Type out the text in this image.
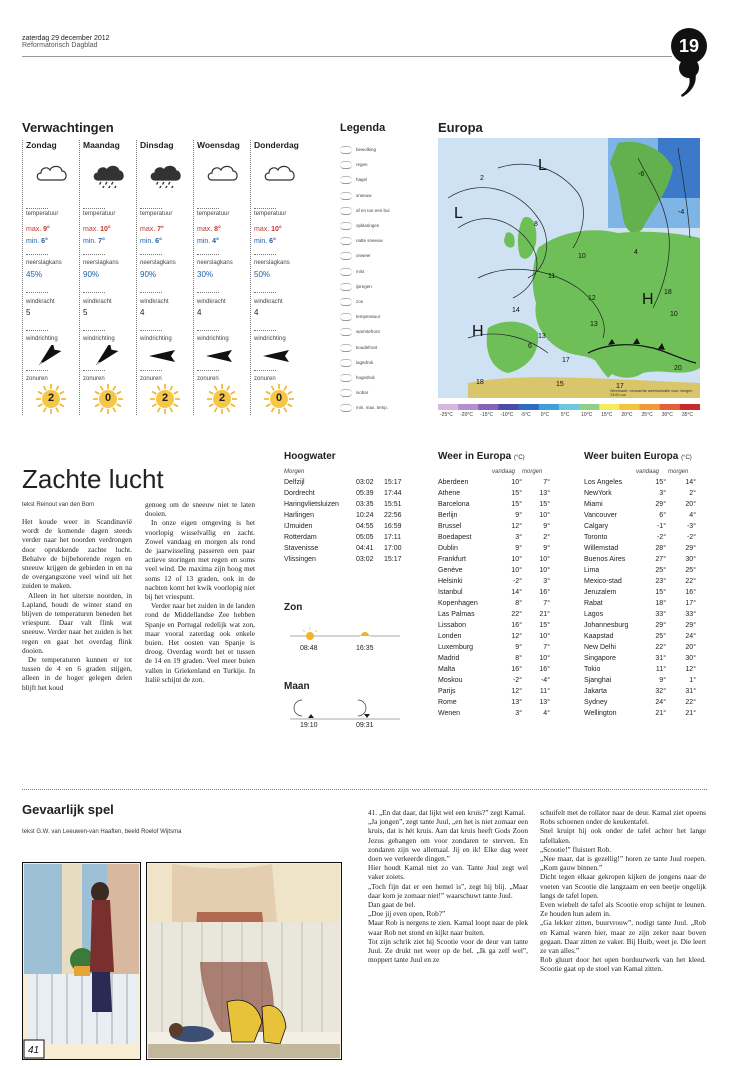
zaterdag 29 december 2012
Reformatorisch Dagblad	19
Verwachtingen
Zondag
temperatuur
max. 9°
min. 6°
neerslagkans
45%
windkracht
5
windrichting
zw
zonuren
2
Maandag
temperatuur
max. 10°
min. 7°
neerslagkans
90%
windkracht
5
windrichting
zw
zonuren
0
Dinsdag
temperatuur
max. 7°
min. 6°
neerslagkans
90%
windkracht
4
windrichting
w
zonuren
2
Woensdag
temperatuur
max. 8°
min. 4°
neerslagkans
30%
windkracht
4
windrichting
w
zonuren
2
Donderdag
temperatuur
max. 10°
min. 6°
neerslagkans
50%
windkracht
4
windrichting
w
zonuren
0
Legenda
bewolking
regen
hagel
sneeuw
af en toe een bui
opklaringen
natte sneeuw
onweer
mist
ijsregen
zon
temperatuur
warmtefront
koudefront
lagedruk
hogedruk
isobar
min. max. temp.
Europa
L
L
H
H
2
-6
-4
4
8
10
11
14
6
13
12
13
17
15	17
20
18
18
10
-25°C -20°C -15°C -10°C -5°C 0°C 5°C 10°C 15°C 20°C 25°C 30°C 35°C
Weerkaart: verwachte weerssituatie voor morgen 13:00 uur
Zachte lucht
tekst Reinout van den Born

Het koude weer in Scandinavië wordt de komende dagen steeds verder naar het noorden verdrongen door oprukkende zachte lucht. Behalve de bijbehorende regen en sneeuw krijgen de gebieden in en na de overgangszone veel wind uit het zuiden te maken.

Alleen in het uiterste noorden, in Lapland, houdt de winter stand en blijven de temperaturen beneden het vriespunt. Daar valt flink wat sneeuw. Verder naar het zuiden is het regen en gaat het overdag flink dooien.

De temperaturen kunnen er tot tussen de 4 en 6 graden stijgen, alleen in de hoger gelegen delen blijft het koud

genoeg om de sneeuw niet te laten dooien.

In onze eigen omgeving is het voorlopig wisselvallig en zacht. Zowel vandaag en morgen als rond de jaarwisseling passeren een paar actieve storingen met regen en soms veel wind. De maxima zijn hoog met soms 12 of 13 graden, ook in de nachten komt het kwik voorlopig niet bij het vriespunt.

Verder naar het zuiden in de landen rond de Middellandse Zee hebben Spanje en Portugal redelijk wat zon, maar vooral zaterdag ook enkele buien. Het oosten van Spanje is droog. Overdag wordt het er tussen de 14 en 19 graden. Veel meer buien vallen in Griekenland en Turkije. In Italië schijnt de zon.

Hoogwater
Morgen
Delfzijl	03:02 15:17
Dordrecht	05:39 17:44
Haringvlietsluizen 03:35 15:51
Harlingen	10:24 22:56
IJmuiden	04:55 16:59
Rotterdam	05:05 17:11
Stavenisse	04:41 17:00
Vlissingen	03:02 15:17
Zon
08:48	16:35
Maan
19:10	09:31
Weer in Europa (°C)
vandaag morgen
Aberdeen	10°	7°
Athene	15° 13°
Barcelona	15° 15°
Berlijn	9° 10°
Brussel	12°	9°
Boedapest	3°	2°
Dublin	9°	9°
Frankfurt	10° 10°
Genève	10° 10°
Helsinki	-2°	3°
Istanbul	14° 16°
Kopenhagen	8°	7°
Las Palmas	22° 21°
Lissabon	16° 15°
Londen	12° 10°
Luxemburg	9°	7°
Madrid	8° 10°
Malta	16° 16°
Moskou	-2°	-4°
Parijs	12°	11°
Rome	13° 13°
Wenen	3°	4°
Weer buiten Europa (°C)
vandaag morgen
Los Angeles	15°	14°
NewYork	3°	2°
Miami	29°	20°
Vancouver	6°	4°
Calgary	-1°	-3°
Toronto	-2°	-2°
Willemstad	28°	29°
Buenos Aires	27°	30°
Lima	25°	25°
Mexico-stad	23°	22°
Jeruzalem	15°	16°
Rabat	18°	17°
Lagos	33°	33°
Johannesburg	29°	29°
Kaapstad	25°	24°
New Delhi	22°	20°
Singapore	31°	30°
Tokio	11°	12°
Sjanghai	9°	1°
Jakarta	32°	31°
Sydney	24°	22°
Wellington	21°	21°
Gevaarlijk spel
tekst G.W. van Leeuwen-van Haaften, beeld Roelof Wijtsma
41

41. „En dat daar, dat lijkt wel een kruis?” zegt Kamal.

„Ja jongen”, zegt tante Juul, „en het is niet zomaar een kruis, dat is hét kruis. Aan dat kruis heeft Gods Zoon Jezus gehangen om voor zondaren te sterven. En zondaren zijn we allemaal. Jij en ik! Elke dag weer doen we verkeerde dingen.”

Hier houdt Kamal niet zo van. Tante Juul zegt wel vaker zoiets.

„Toch fijn dat er een hemel is”, zegt hij blij. „Maar daar kom je zomaar niet!” waarschuwt tante Juul.

Dan gaat de bel.

„Doe jij even open, Rob?”

Maar Rob is nergens te zien. Kamal loopt naar de plek waar Rob net stond en kijkt naar buiten.

Tot zijn schrik ziet hij Scootie voor de deur van tante Juul. Ze drukt net weer op de bel. „Ik ga zelf wel”, moppert tante Juul en ze

schuifelt met de rollator naar de deur. Kamal ziet opeens Robs schoenen onder de keukentafel.

Snel kruipt hij ook onder de tafel achter het lange tafellaken.

„Scootie!” fluistert Rob.

„Nee maar, dat is gezellig!” horen ze tante Juul roepen. „Kom gauw binnen.”

Dicht tegen elkaar gekropen kijken de jongens naar de voeten van Scootie die langzaam en een beetje ongelijk langs de tafel lopen.

Even wiebelt de tafel als Scootie erop schijnt te leunen. Ze houden hun adem in.

„Ga lekker zitten, buurvrouw”, nodigt tante Juul. „Rob en Kamal waren hier, maar ze zijn zeker naar boven gegaan. Daar zitten ze vaker. Bij Huib, weet je. Die leert ze van alles.”

Rob gluurt door het open borduurwerk van het kleed. Scootie gaat op de stoel van Kamal zitten.
